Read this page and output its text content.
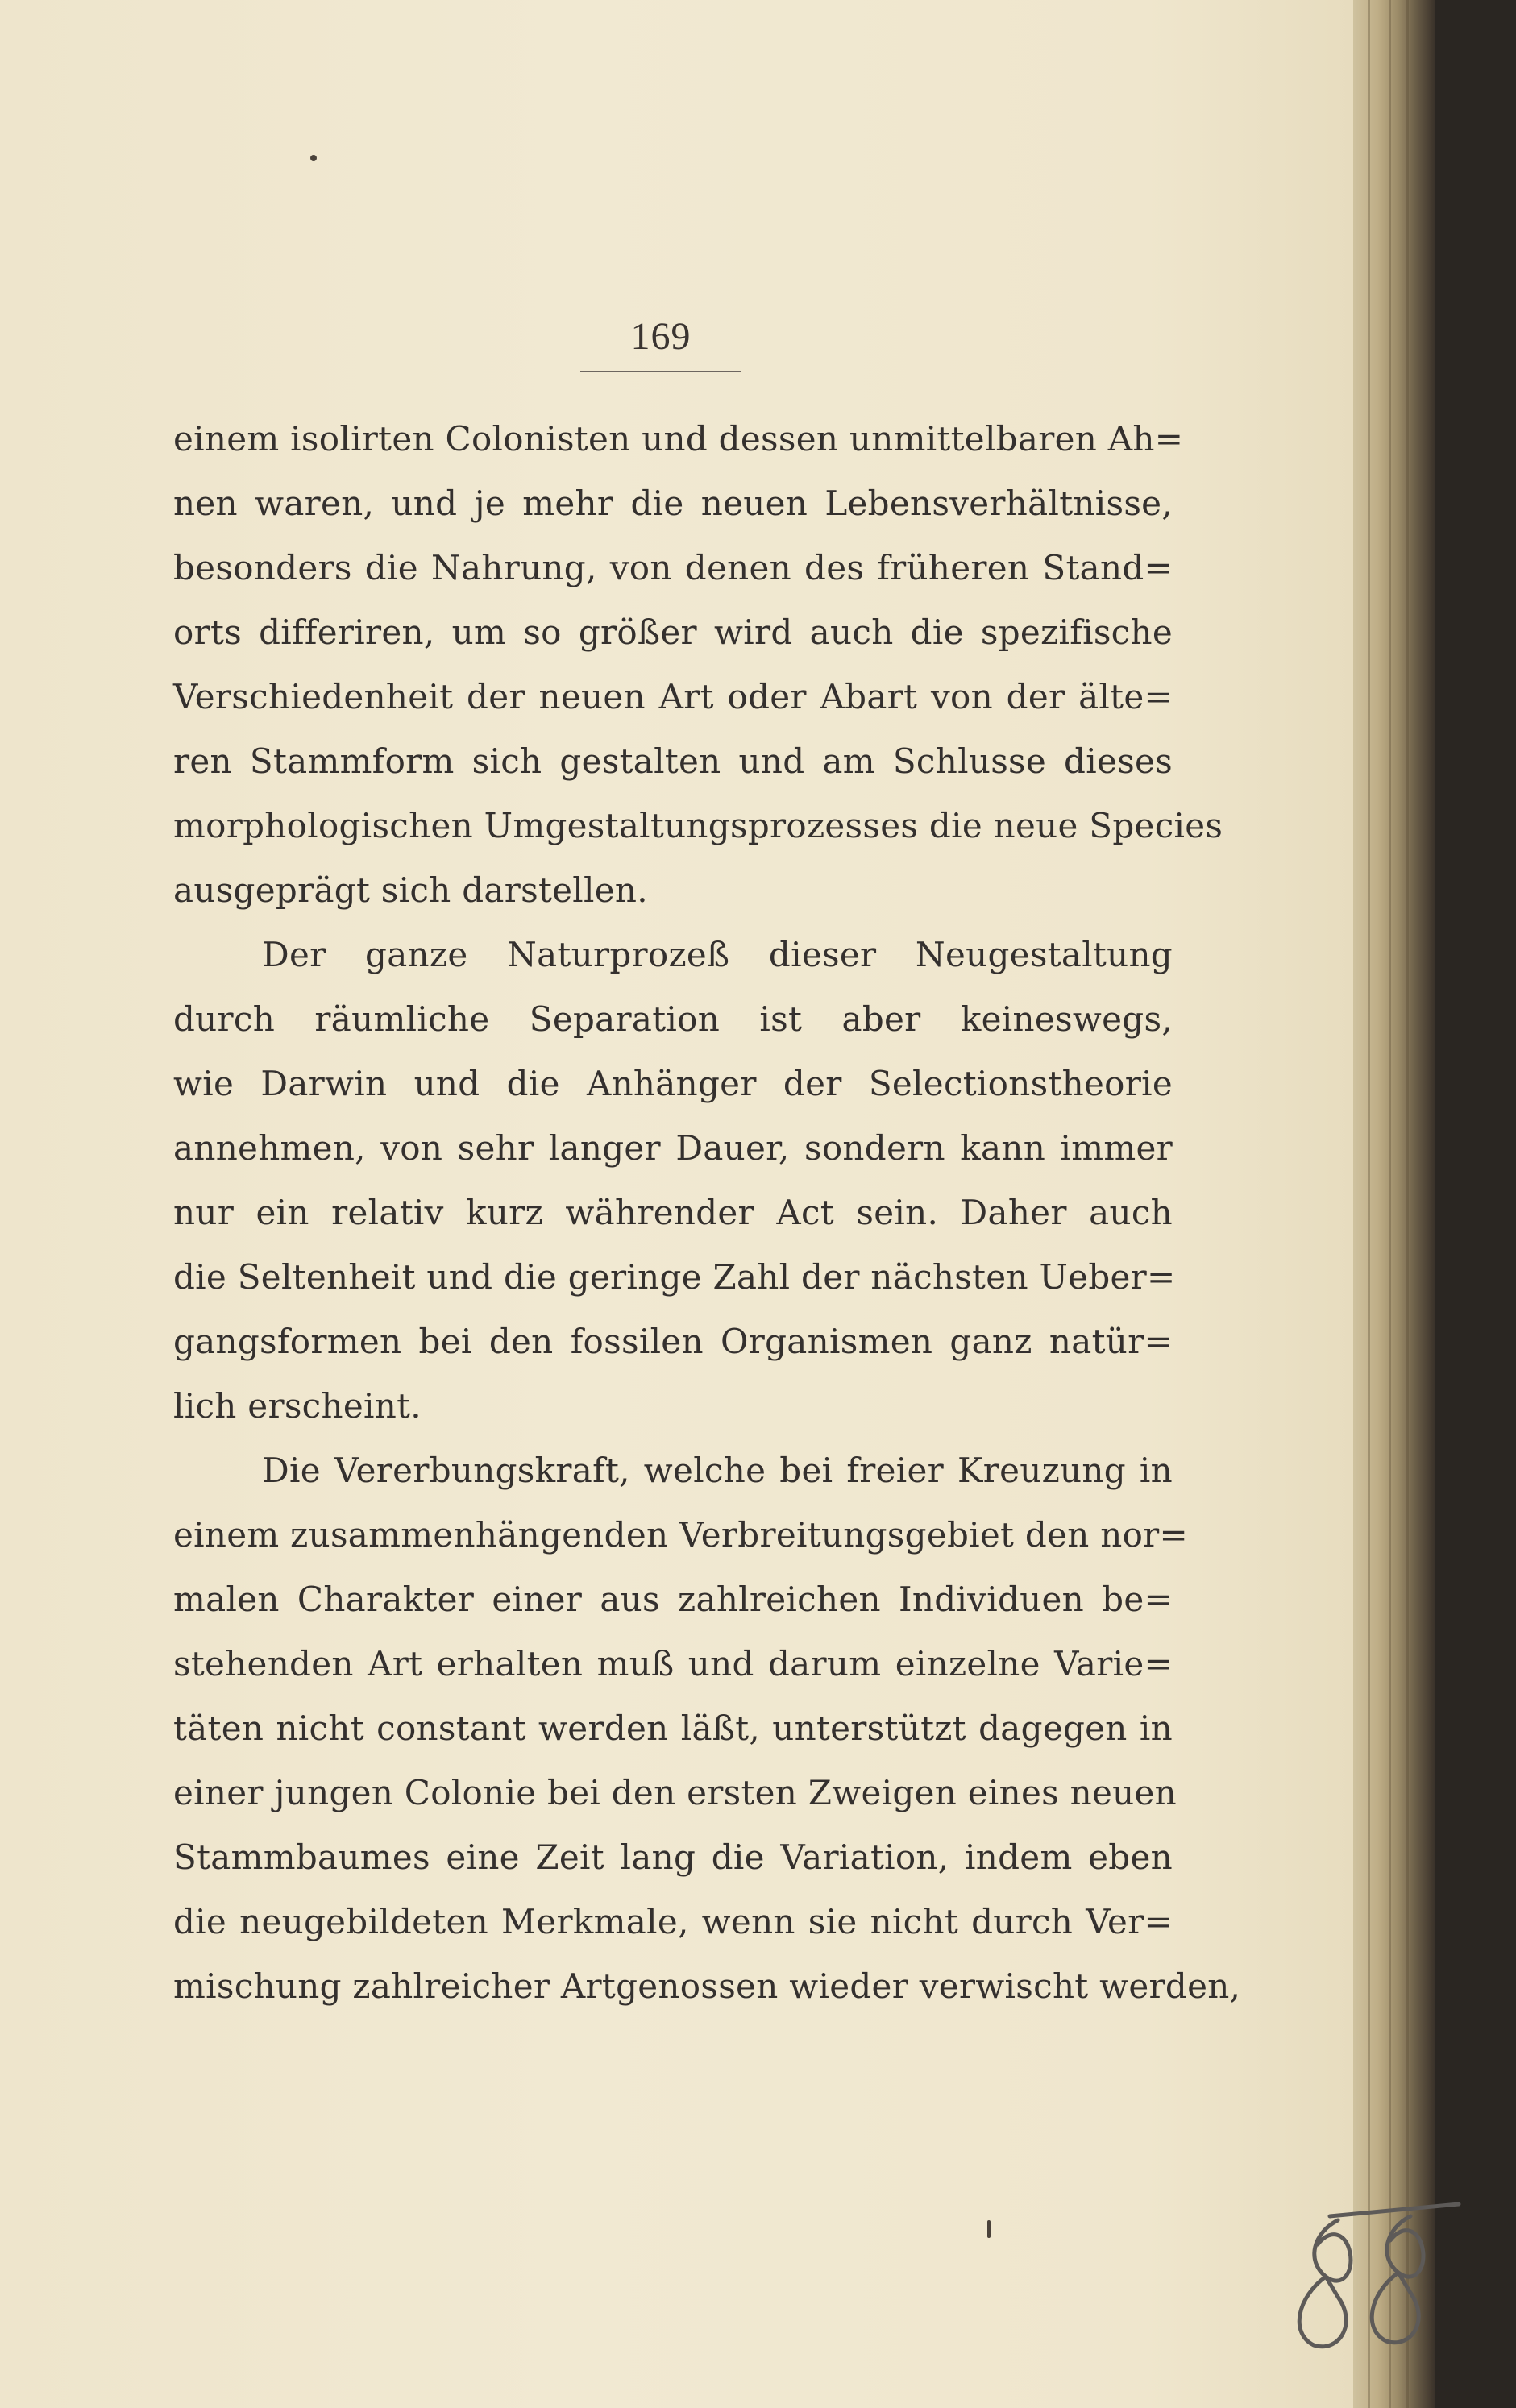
169
einem isolirten Colonisten und dessen unmittelbaren Ah=
nen waren, und je mehr die neuen Lebensverhältnisse,
besonders die Nahrung, von denen des früheren Stand=
orts differiren, um so größer wird auch die spezifische
Verschiedenheit der neuen Art oder Abart von der älte=
ren Stammform sich gestalten und am Schlusse dieses
morphologischen Umgestaltungsprozesses die neue Species
ausgeprägt sich darstellen.
Der ganze Naturprozeß dieser Neugestaltung
durch räumliche Separation ist aber keineswegs,
wie Darwin und die Anhänger der Selectionstheorie
annehmen, von sehr langer Dauer, sondern kann immer
nur ein relativ kurz währender Act sein. Daher auch
die Seltenheit und die geringe Zahl der nächsten Ueber=
gangsformen bei den fossilen Organismen ganz natür=
lich erscheint.
Die Vererbungskraft, welche bei freier Kreuzung in
einem zusammenhängenden Verbreitungsgebiet den nor=
malen Charakter einer aus zahlreichen Individuen be=
stehenden Art erhalten muß und darum einzelne Varie=
täten nicht constant werden läßt, unterstützt dagegen in
einer jungen Colonie bei den ersten Zweigen eines neuen
Stammbaumes eine Zeit lang die Variation, indem eben
die neugebildeten Merkmale, wenn sie nicht durch Ver=
mischung zahlreicher Artgenossen wieder verwischt werden,
